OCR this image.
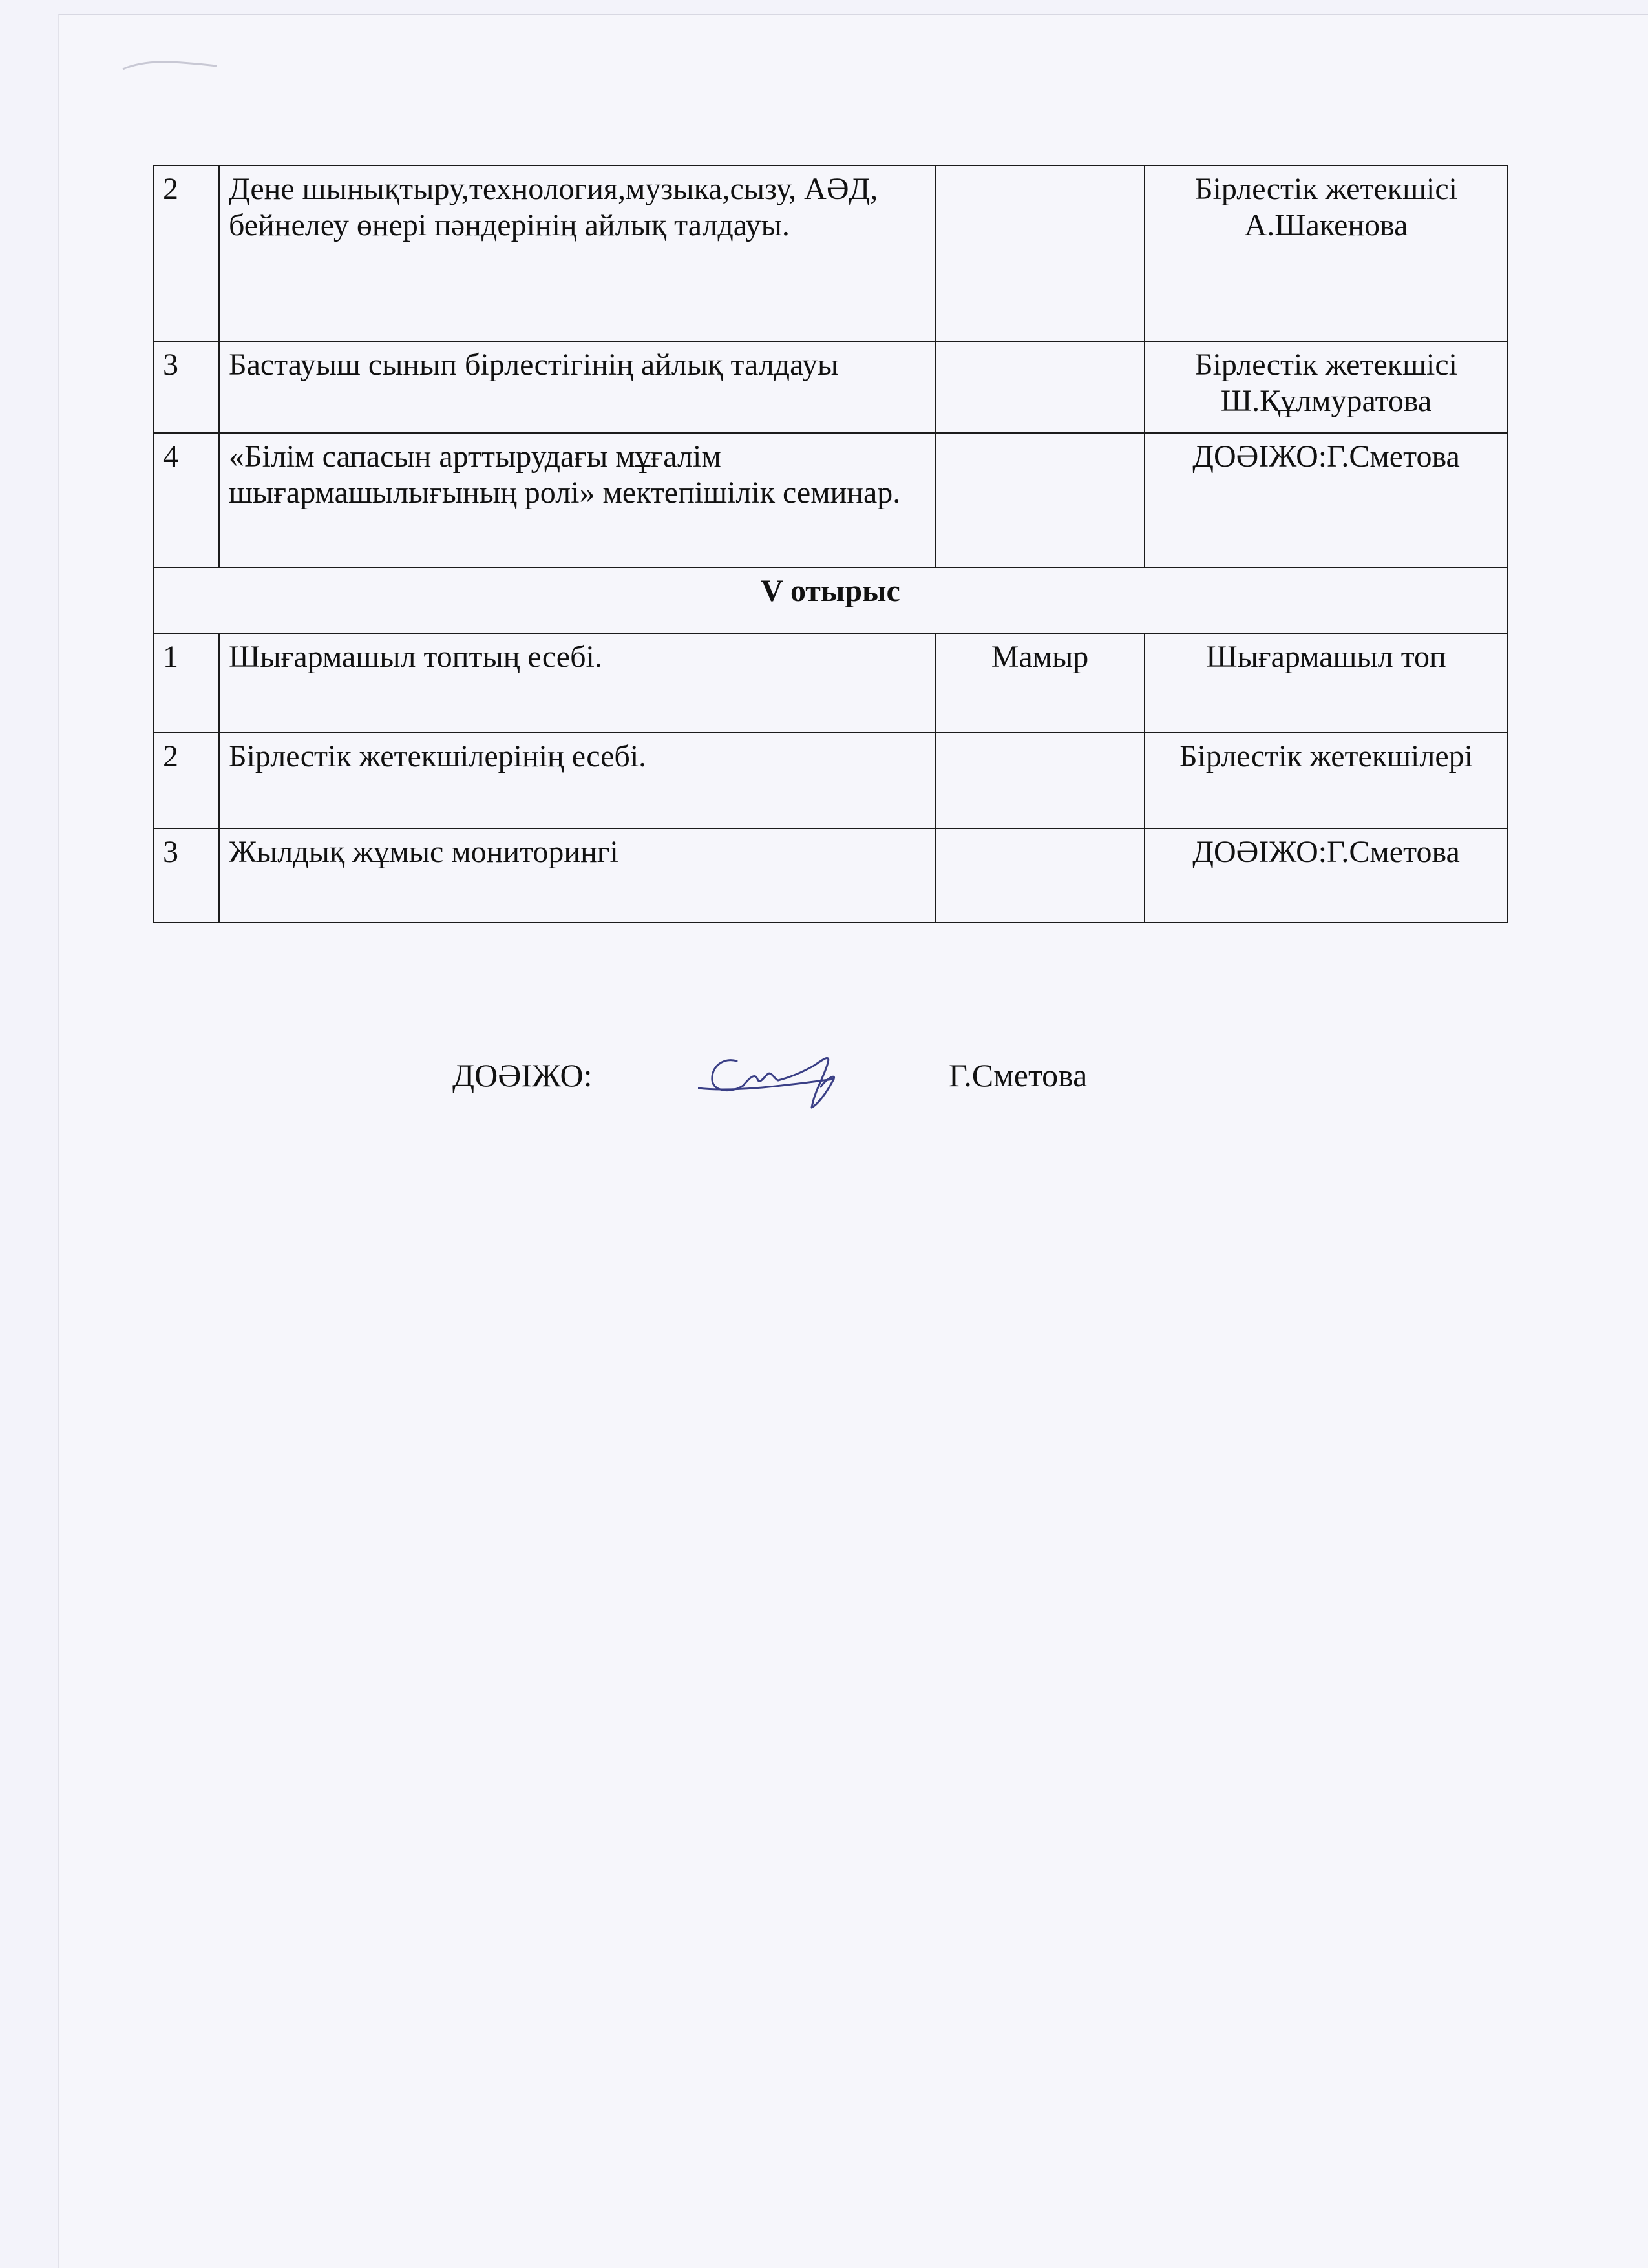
2	Дене шынықтыру,технология,музыка,сызу, АӘД, бейнелеу өнері пәндерінің айлық талдауы.		Бірлестік жетекшісі
А.Шакенова

3	Бастауыш сынып бірлестігінің айлық талдауы		Бірлестік жетекшісі
Ш.Құлмуратова

4	«Білім сапасын арттырудағы мұғалім шығармашылығының ролі» мектепішілік семинар.		ДОӘІЖО:Г.Сметова

V отырыс			
1	Шығармашыл топтың есебі.	Мамыр	Шығармашыл топ
2	Бірлестік жетекшілерінің есебі.		Бірлестік жетекшілері
3	Жылдық жұмыс мониторингі		ДОӘІЖО:Г.Сметова
ДОӘІЖО:	Г.Сметова
